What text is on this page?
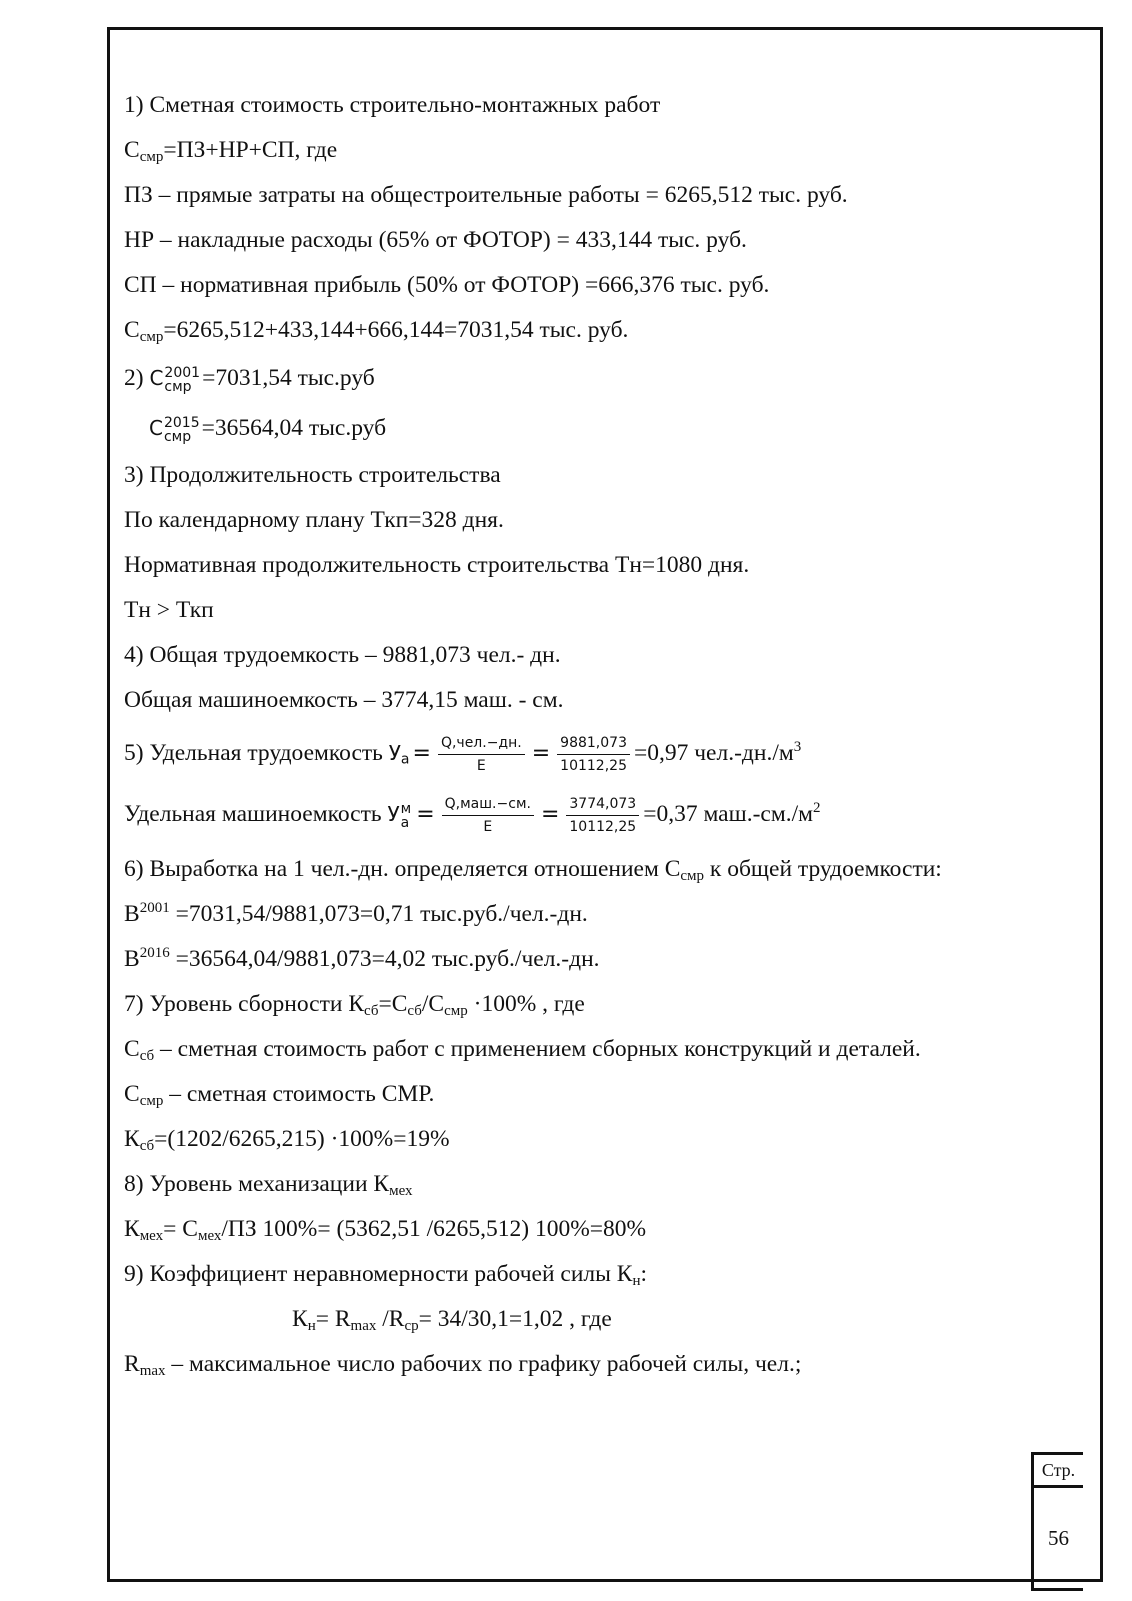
1) Сметная стоимость строительно-монтажных работ
$С_{смр}=ПЗ+НР+СП$, где
ПЗ – прямые затраты на общестроительные работы = 6265,512 тыс. руб.
НР – накладные расходы (65% от ФОТОР) = 433,144 тыс. руб.
СП – нормативная прибыль (50% от ФОТОР) =666,376 тыс. руб.
$С_{смр}=6265,512+433,144+666,144=7031,54$ тыс. руб.
2) С 2001
смр =7031,54 тыс.руб
С 2015
смр =36564,04 тыс.руб
3) Продолжительность строительства
По календарному плану Ткп=328 дня.
Нормативная продолжительность строительства Тн=1080 дня.
Тн > Ткп
4) Общая трудоемкость – 9881,073 чел.- дн.
Общая машиноемкость – 3774,15 маш. - см.
5) Удельная трудоемкость $У_а = \frac{\text{Q,чел.−дн.}}{Е} = \frac{9881,073}{10112,25} =0,97$ $чел.-дн./м^3$
Удельная машиноемкость У м
$а = \frac{\text{Q,маш.−см.}}{Е} = \frac{3774,073}{10112,25} =0,37$ $маш.-см./м^2$
6) Выработка на 1 чел.-дн. определяется отношением $С_{смр}$ к общей трудоемкости:
$В^{2001} =7031,54/9881,073=0,71$ тыс.руб./чел.-дн.
$В^{2016} =36564,04/9881,073=4,02$ тыс.руб./чел.-дн.
7) Уровень сборности $К_{сб}=С_{сб}/С_{смр} \cdot 100\%$ , где
$С_{сб}$ – сметная стоимость работ с применением сборных конструкций и деталей.
$С_{смр}$ – сметная стоимость СМР.
$К_{сб}=(1202/6265,215) \cdot 100\%=19\%$
8) Уровень механизации $К_{мех}$
$К_{мех}= С_{мех}/ПЗ$ 100%= (5362,51 /6265,512) 100%=80%
9) Коэффициент неравномерности рабочей силы $К_н$:
$К_н= R_{max}$ $/R_{ср}= 34/30,1=1,02$ , где
$R_{max}$ – максимальное число рабочих по графику рабочей силы, чел.;
Стр.
56
